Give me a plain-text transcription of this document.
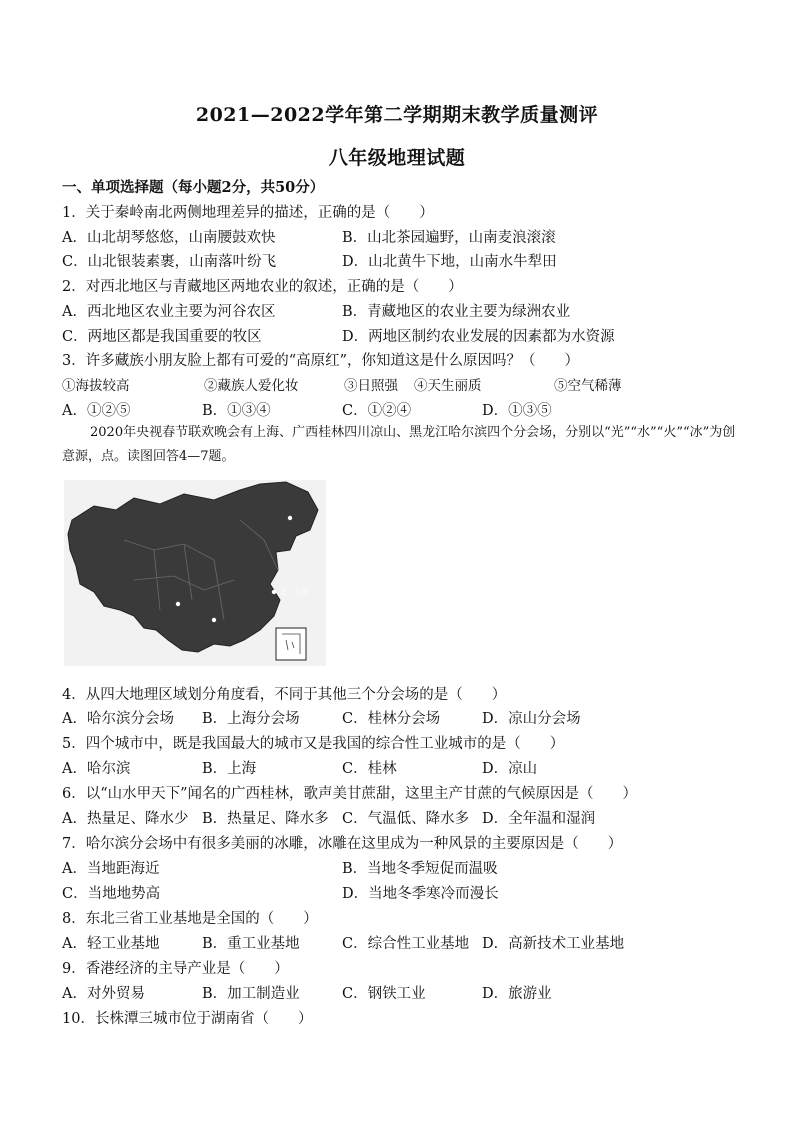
2021—2022学年第二学期期末教学质量测评
八年级地理试题
一、单项选择题（每小题2分，共50分）
1．关于秦岭南北两侧地理差异的描述，正确的是（　　）
A．山北胡琴悠悠，山南腰鼓欢快	B．山北茶园遍野，山南麦浪滚滚
C．山北银装素裹，山南落叶纷飞	D．山北黄牛下地，山南水牛犁田
2．对西北地区与青藏地区两地农业的叙述，正确的是（　　）
A．西北地区农业主要为河谷农区	B．青藏地区的农业主要为绿洲农业
C．两地区都是我国重要的牧区	D．两地区制约农业发展的因素都为水资源
3．许多藏族小朋友脸上都有可爱的“高原红”，你知道这是什么原因吗？（　　）
①海拔较高	②藏族人爱化妆	③日照强 ④天生丽质	⑤空气稀薄
A．①②⑤	B．①③④	C．①②④	D．①③⑤
2020年央视春节联欢晚会有上海、广西桂林四川凉山、黑龙江哈尔滨四个分会场，分别以“光”“水”“火”“冰”为创意源，点。读图回答4—7题。
光：上海
4．从四大地理区域划分角度看，不同于其他三个分会场的是（　　）
A．哈尔滨分会场 B．上海分会场	C．桂林分会场	D．凉山分会场
5．四个城市中，既是我国最大的城市又是我国的综合性工业城市的是（　　）
A．哈尔滨	B．上海	C．桂林	D．凉山
6．以“山水甲天下”闻名的广西桂林，歌声美甘蔗甜，这里主产甘蔗的气候原因是（　　）
A．热量足、降水少 B．热量足、降水多 C．气温低、降水多 D．全年温和湿润
7．哈尔滨分会场中有很多美丽的冰雕，冰雕在这里成为一种风景的主要原因是（　　）
A．当地距海近	B．当地冬季短促而温吸
C．当地地势高	D．当地冬季寒冷而漫长
8．东北三省工业基地是全国的（　　）
A．轻工业基地	B．重工业基地	C．综合性工业基地 D．高新技术工业基地
9．香港经济的主导产业是（　　）
A．对外贸易	B．加工制造业	C．钢铁工业	D．旅游业
10．长株潭三城市位于湖南省（　　）
